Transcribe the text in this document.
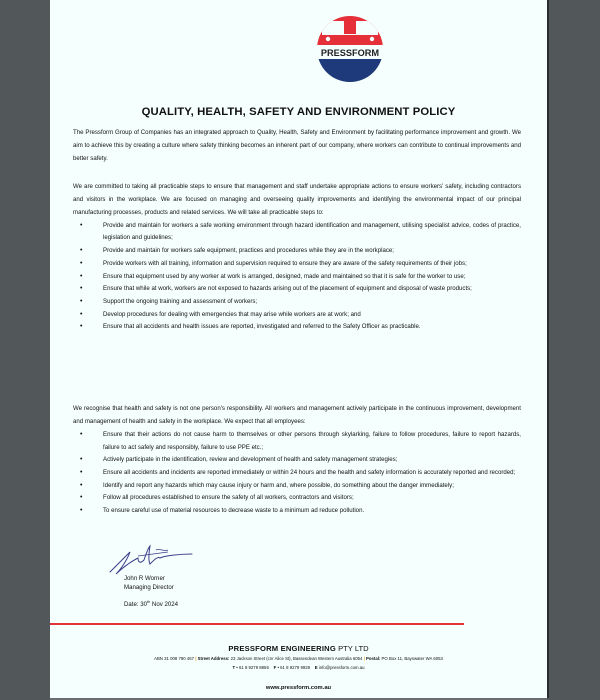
PRESSFORM
QUALITY, HEALTH, SAFETY AND ENVIRONMENT POLICY

The Pressform Group of Companies has an integrated approach to Quality, Health, Safety and Environment by facilitating performance improvement and growth. We aim to achieve this by creating a culture where safety thinking becomes an inherent part of our company, where workers can contribute to continual improvements and better safety.

We are committed to taking all practicable steps to ensure that management and staff undertake appropriate actions to ensure workers' safety, including contractors and visitors in the workplace. We are focused on managing and overseeing quality improvements and identifying the environmental impact of our principal manufacturing processes, products and related services. We will take all practicable steps to:

•	Provide and maintain for workers a safe working environment through hazard identification and management, utilising specialist advice, codes of practice, legislation and guidelines;
•	Provide and maintain for workers safe equipment, practices and procedures while they are in the workplace;
•	Provide workers with all training, information and supervision required to ensure they are aware of the safety requirements of their jobs;
•	Ensure that equipment used by any worker at work is arranged, designed, made and maintained so that it is safe for the worker to use;
•	Ensure that while at work, workers are not exposed to hazards arising out of the placement of equipment and disposal of waste products;
•	Support the ongoing training and assessment of workers;
•	Develop procedures for dealing with emergencies that may arise while workers are at work; and
•	Ensure that all accidents and health issues are reported, investigated and referred to the Safety Officer as practicable.

We recognise that health and safety is not one person's responsibility. All workers and management actively participate in the continuous improvement, development and management of health and safety in the workplace. We expect that all employees:

•	Ensure that their actions do not cause harm to themselves or other persons through skylarking, failure to follow procedures, failure to report hazards, failure to act safely and responsibly, failure to use PPE etc.;
•	Actively participate in the identification, review and development of health and safety management strategies;
•	Ensure all accidents and incidents are reported immediately or within 24 hours and the health and safety information is accurately reported and recorded;
•	Identify and report any hazards which may cause injury or harm and, where possible, do something about the danger immediately;
•	Follow all procedures established to ensure the safety of all workers, contractors and visitors;
•	To ensure careful use of material resources to decrease waste to a minimum ad reduce pollution.
John R Worner
Managing Director
Date: 30th Nov 2024
PRESSFORM ENGINEERING PTY LTD
ABN 31 008 790 467 | Street Address: 23 Jackson Street (cnr Alice St), Bassendean Western Australia 6054 | Postal: PO Box 11, Bayswater WA 6053
T • 61 8 9279 8855 F • 61 8 9279 9929 E info@pressform.com.au
www.pressform.com.au
